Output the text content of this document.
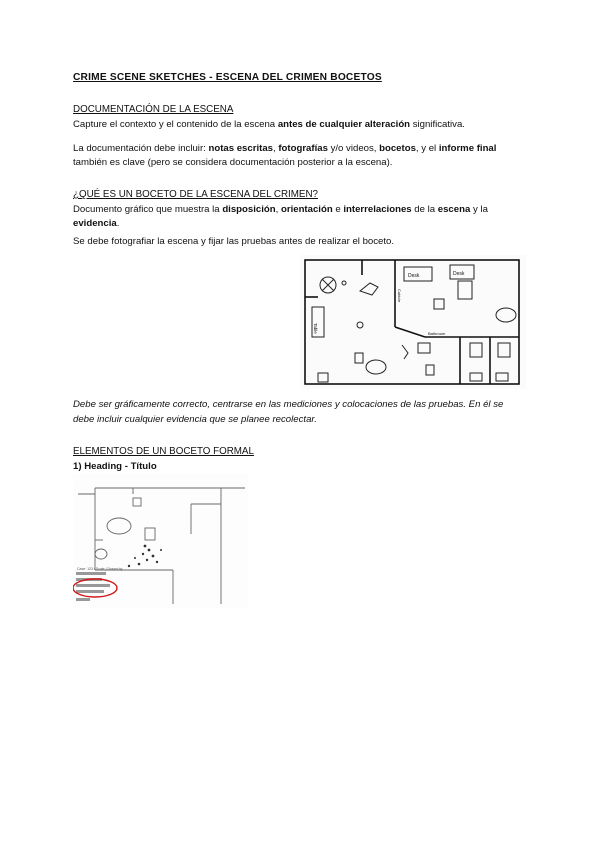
CRIME SCENE SKETCHES - ESCENA DEL CRIMEN BOCETOS
DOCUMENTACIÓN DE LA ESCENA
Capture el contexto y el contenido de la escena antes de cualquier alteración significativa.
La documentación debe incluir: notas escritas, fotografías y/o videos, bocetos, y el informe final
también es clave (pero se considera documentación posterior a la escena).
¿QUÉ ES UN BOCETO DE LA ESCENA DEL CRIMEN?
Documento gráfico que muestra la disposición, orientación e interrelaciones de la escena y la
evidencia.
Se debe fotografiar la escena y fijar las pruebas antes de realizar el boceto.
Desk	Desk
Table
Cubicle
Bathroom
Debe ser gráficamente correcto, centrarse en las mediciones y colocaciones de las pruebas. En él se
debe incluir cualquier evidencia que se planee recolectar.
ELEMENTOS DE UN BOCETO FORMAL
1) Heading - Título
Case: 123 / Scale / Drawn by
